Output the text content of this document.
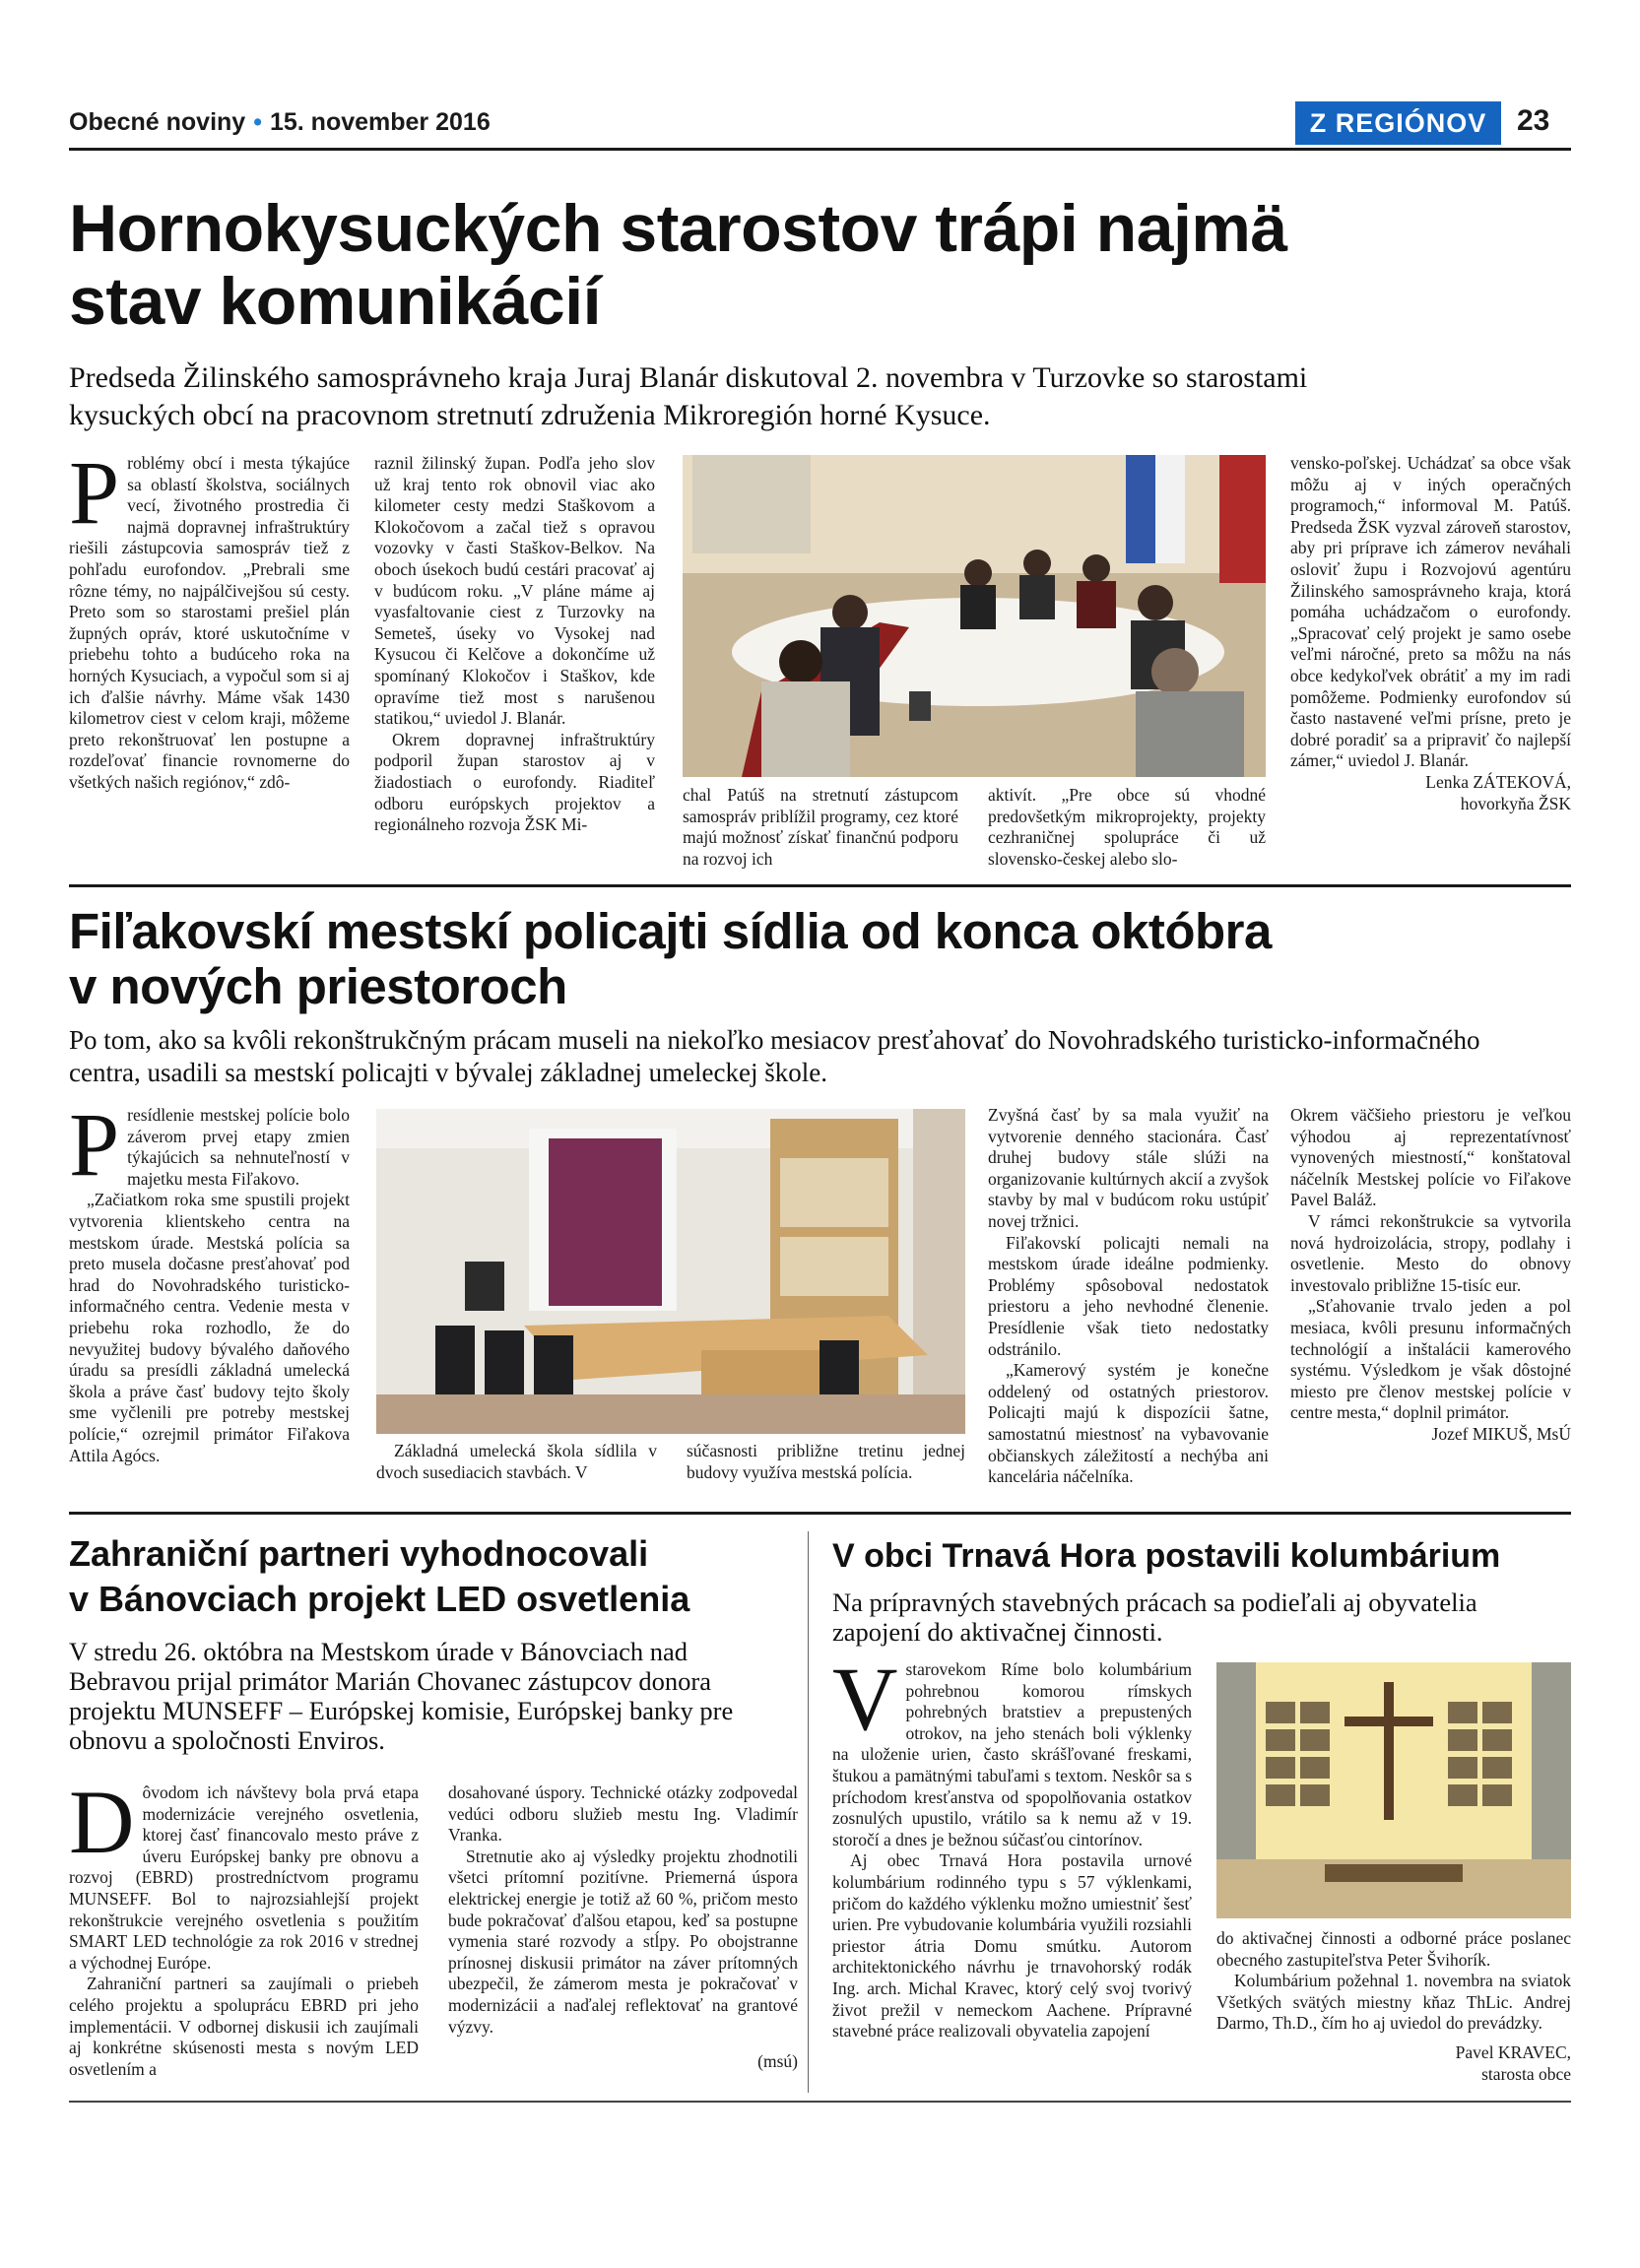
Obecné noviny • 15. november 2016	Z REGIÓNOV	23
Hornokysuckých starostov trápi najmä
stav komunikácií
Predseda Žilinského samosprávneho kraja Juraj Blanár diskutoval 2. novembra v Turzovke so starostami
kysuckých obcí na pracovnom stretnutí združenia Mikroregión horné Kysuce.
P roblémy obcí i mesta týkajúce sa oblastí školstva, sociálnych vecí, životného prostredia či najmä dopravnej infraštruktúry riešili zástupcovia samospráv tiež z pohľadu eurofondov. „Prebrali sme rôzne témy, no najpálčivejšou sú cesty. Preto som so starostami prešiel plán župných opráv, ktoré uskutočníme v priebehu tohto a budúceho roka na horných Kysuciach, a vypočul som si aj ich ďalšie návrhy. Máme však 1430 kilometrov ciest v celom kraji, môžeme preto rekonštruovať len postupne a rozdeľovať financie rovnomerne do všetkých našich regiónov,“ zdô-

raznil žilinský župan. Podľa jeho slov už kraj tento rok obnovil viac ako kilometer cesty medzi Staškovom a Klokočovom a začal tiež s opravou vozovky v časti Staškov-Belkov. Na oboch úsekoch budú cestári pracovať aj v budúcom roku. „V pláne máme aj vyasfaltovanie ciest z Turzovky na Semeteš, úseky vo Vysokej nad Kysucou či Kelčove a dokončíme už spomínaný Klokočov i Staškov, kde opravíme tiež most s narušenou statikou,“ uviedol J. Blanár.

Okrem dopravnej infraštruktúry podporil župan starostov aj v žiadostiach o eurofondy. Riaditeľ odboru európskych projektov a regionálneho rozvoja ŽSK Mi-

chal Patúš na stretnutí zástupcom samospráv priblížil programy, cez ktoré majú možnosť získať finančnú podporu na rozvoj ich

aktivít. „Pre obce sú vhodné predovšetkým mikroprojekty, projekty cezhraničnej spolupráce či už slovensko-českej alebo slo-

vensko-poľskej. Uchádzať sa obce však môžu aj v iných operačných programoch,“ informoval M. Patúš. Predseda ŽSK vyzval zároveň starostov, aby pri príprave ich zámerov neváhali osloviť župu i Rozvojovú agentúru Žilinského samosprávneho kraja, ktorá pomáha uchádzačom o eurofondy. „Spracovať celý projekt je samo osebe veľmi náročné, preto sa môžu na nás obce kedykoľvek obrátiť a my im radi pomôžeme. Podmienky eurofondov sú často nastavené veľmi prísne, preto je dobré poradiť sa a pripraviť čo najlepší zámer,“ uviedol J. Blanár.

Lenka ZÁTEKOVÁ,
hovorkyňa ŽSK
Fiľakovskí mestskí policajti sídlia od konca októbra
v nových priestoroch
Po tom, ako sa kvôli rekonštrukčným prácam museli na niekoľko mesiacov presťahovať do Novohradského turisticko-informačného
centra, usadili sa mestskí policajti v bývalej základnej umeleckej škole.
P resídlenie mestskej polície bolo záverom prvej etapy zmien týkajúcich sa nehnuteľností v majetku mesta Fiľakovo.

„Začiatkom roka sme spustili projekt vytvorenia klientskeho centra na mestskom úrade. Mestská polícia sa preto musela dočasne presťahovať pod hrad do Novohradského turisticko-informačného centra. Vedenie mesta v priebehu roka rozhodlo, že do nevyužitej budovy bývalého daňového úradu sa presídli základná umelecká škola a práve časť budovy tejto školy sme vyčlenili pre potreby mestskej polície,“ ozrejmil primátor Fiľakova Attila Agócs.	Základná umelecká škola sídlila v dvoch susediacich stavbách. V

súčasnosti približne tretinu jednej budovy využíva mestská polícia.

Zvyšná časť by sa mala využiť na vytvorenie denného stacionára. Časť druhej budovy stále slúži na organizovanie kultúrnych akcií a zvyšok stavby by mal v budúcom roku ustúpiť novej tržnici.

Fiľakovskí policajti nemali na mestskom úrade ideálne podmienky. Problémy spôsoboval nedostatok priestoru a jeho nevhodné členenie. Presídlenie však tieto nedostatky odstránilo.

„Kamerový systém je konečne oddelený od ostatných priestorov. Policajti majú k dispozícii šatne, samostatnú miestnosť na vybavovanie občianskych záležitostí a nechýba ani kancelária náčelníka.

Okrem väčšieho priestoru je veľkou výhodou aj reprezentatívnosť vynovených miestností,“ konštatoval náčelník Mestskej polície vo Fiľakove Pavel Baláž.

V rámci rekonštrukcie sa vytvorila nová hydroizolácia, stropy, podlahy i osvetlenie. Mesto do obnovy investovalo približne 15-tisíc eur.

„Sťahovanie trvalo jeden a pol mesiaca, kvôli presunu informačných technológií a inštalácii kamerového systému. Výsledkom je však dôstojné miesto pre členov mestskej polície v centre mesta,“ doplnil primátor.

Jozef MIKUŠ, MsÚ
Zahraniční partneri vyhodnocovali
v Bánovciach projekt LED osvetlenia
V stredu 26. októbra na Mestskom úrade v Bánovciach nad
Bebravou prijal primátor Marián Chovanec zástupcov donora
projektu MUNSEFF – Európskej komisie, Európskej banky pre
obnovu a spoločnosti Enviros.
D ôvodom ich návštevy bola prvá etapa modernizácie verejného osvetlenia, ktorej časť financovalo mesto práve z úveru Európskej banky pre obnovu a rozvoj (EBRD) prostredníctvom programu MUNSEFF. Bol to najrozsiahlejší projekt rekonštrukcie verejného osvetlenia s použitím SMART LED technológie za rok 2016 v strednej a východnej Európe.

Zahraniční partneri sa zaujímali o priebeh celého projektu a spoluprácu EBRD pri jeho implementácii. V odbornej diskusii ich zaujímali aj konkrétne skúsenosti mesta s novým LED osvetlením a

dosahované úspory. Technické otázky zodpovedal vedúci odboru služieb mestu Ing. Vladimír Vranka.

Stretnutie ako aj výsledky projektu zhodnotili všetci prítomní pozitívne. Priemerná úspora elektrickej energie je totiž až 60 %, pričom mesto bude pokračovať ďalšou etapou, keď sa postupne vymenia staré rozvody a stĺpy. Po obojstranne prínosnej diskusii primátor na záver prítomných ubezpečil, že zámerom mesta je pokračovať v modernizácii a naďalej reflektovať na grantové výzvy.

(msú)
V obci Trnavá Hora postavili kolumbárium
Na prípravných stavebných prácach sa podieľali aj obyvatelia
zapojení do aktivačnej činnosti.
V starovekom Ríme bolo kolumbárium pohrebnou komorou rímskych pohrebných bratstiev a prepustených otrokov, na jeho stenách boli výklenky na uloženie urien, často skrášľované freskami, štukou a pamätnými tabuľami s textom. Neskôr sa s príchodom kresťanstva od spopolňovania ostatkov zosnulých upustilo, vrátilo sa k nemu až v 19. storočí a dnes je bežnou súčasťou cintorínov.

Aj obec Trnavá Hora postavila urnové kolumbárium rodinného typu s 57 výklenkami, pričom do každého výklenku možno umiestniť šesť urien. Pre vybudovanie kolumbária využili rozsiahli priestor átria Domu smútku. Autorom architektonického návrhu je trnavohorský rodák Ing. arch. Michal Kravec, ktorý celý svoj tvorivý život prežil v nemeckom Aachene. Prípravné stavebné práce realizovali obyvatelia zapojení

do aktivačnej činnosti a odborné práce poslanec obecného zastupiteľstva Peter Švihorík.

Kolumbárium požehnal 1. novembra na sviatok Všetkých svätých miestny kňaz ThLic. Andrej Darmo, Th.D., čím ho aj uviedol do prevádzky.

Pavel KRAVEC,
starosta obce
